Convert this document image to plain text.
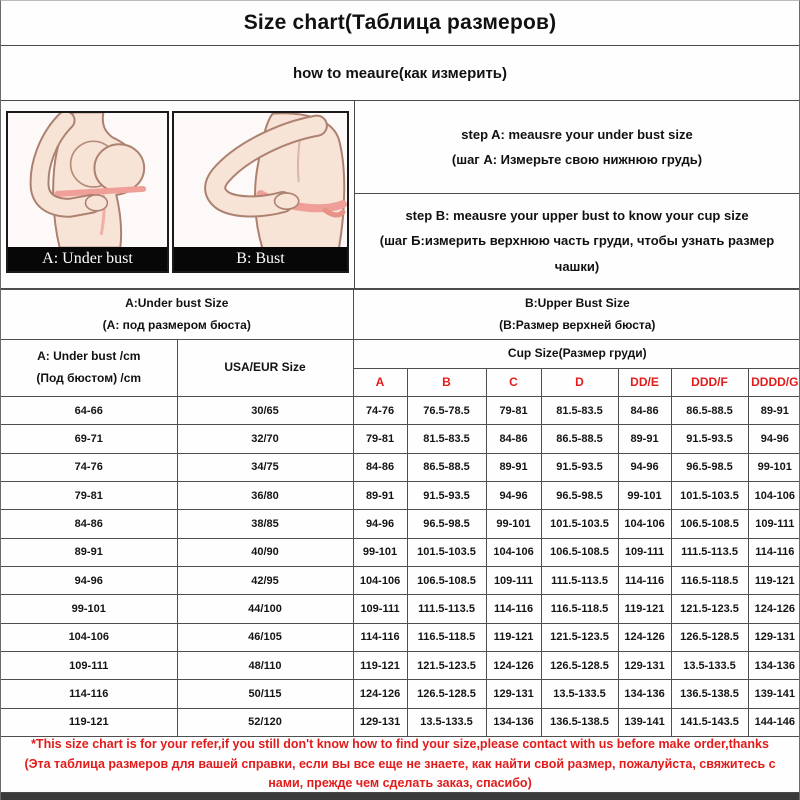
Size chart(Таблица размеров)
how to meaure(как измерить)
A: Under bust	B: Bust
step A: meausre your under bust size
(шаг А: Измерьте свою нижнюю грудь)
step B: meausre your upper bust to know your cup size
(шаг Б:измерить верхнюю часть груди, чтобы узнать размер чашки)
A:Under bust Size
(A: под размером бюста)

B:Upper Bust Size
(B:Размер верхней бюста)

A: Under bust /cm
(Под бюстом) /cm	USA/EUR Size	Cup Size(Размер груди)						
		A	B	C	D	DD/E	DDD/F	DDDD/G
64-66	30/65	74-76	76.5-78.5	79-81	81.5-83.5	84-86	86.5-88.5	89-91
69-71	32/70	79-81	81.5-83.5	84-86	86.5-88.5	89-91	91.5-93.5	94-96
74-76	34/75	84-86	86.5-88.5	89-91	91.5-93.5	94-96	96.5-98.5	99-101
79-81	36/80	89-91	91.5-93.5	94-96	96.5-98.5	99-101	101.5-103.5	104-106
84-86	38/85	94-96	96.5-98.5	99-101	101.5-103.5	104-106	106.5-108.5	109-111
89-91	40/90	99-101	101.5-103.5	104-106	106.5-108.5	109-111	111.5-113.5	114-116
94-96	42/95	104-106	106.5-108.5	109-111	111.5-113.5	114-116	116.5-118.5	119-121
99-101	44/100	109-111	111.5-113.5	114-116	116.5-118.5	119-121	121.5-123.5	124-126
104-106	46/105	114-116	116.5-118.5	119-121	121.5-123.5	124-126	126.5-128.5	129-131
109-111	48/110	119-121	121.5-123.5	124-126	126.5-128.5	129-131	13.5-133.5	134-136
114-116	50/115	124-126	126.5-128.5	129-131	13.5-133.5	134-136	136.5-138.5	139-141
119-121	52/120	129-131	13.5-133.5	134-136	136.5-138.5	139-141	141.5-143.5	144-146
*This size chart is for your refer,if you still don't know how to find your size,please contact with us before make order,thanks
(Эта таблица размеров для вашей справки, если вы все еще не знаете, как найти свой размер, пожалуйста, свяжитесь с нами, прежде чем сделать заказ, спасибо)
